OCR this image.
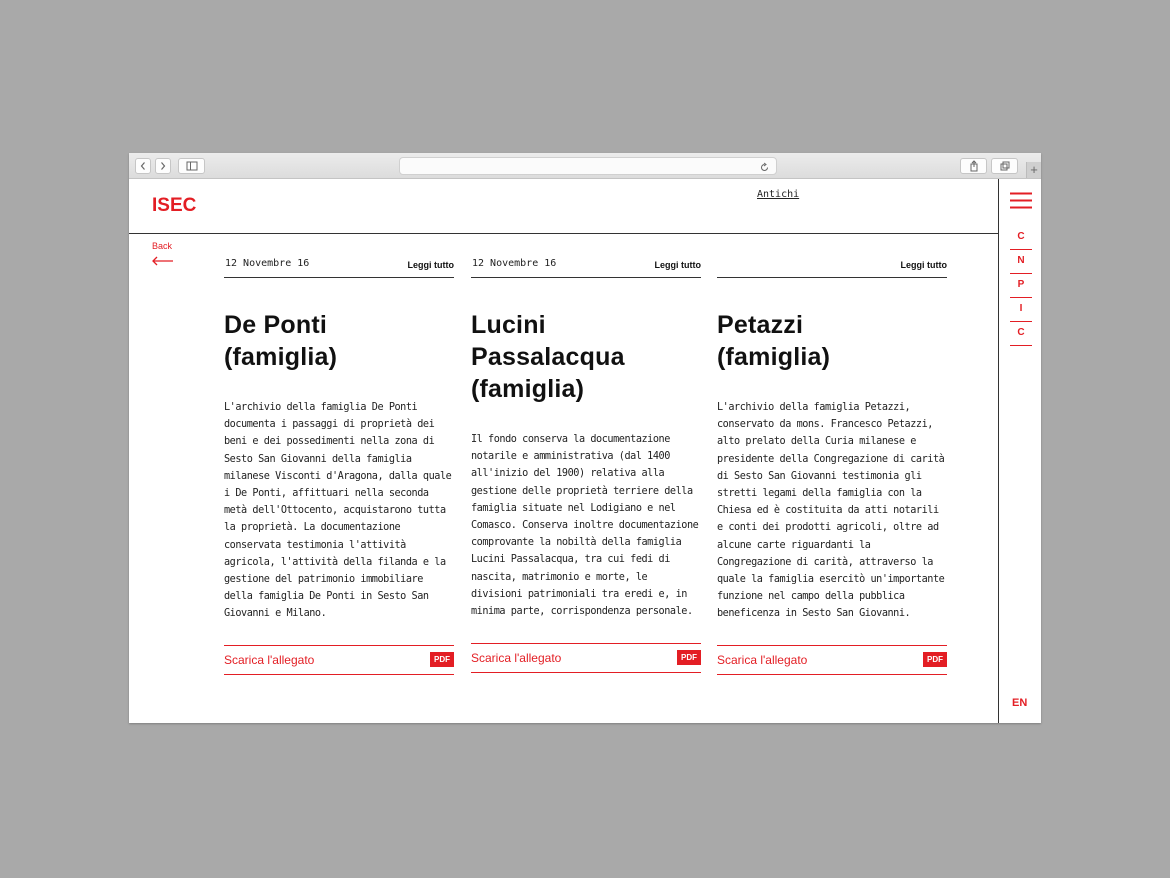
+
ISEC
Antichi
Back
C
N
P
I
C
EN
12 Novembre 16	Leggi tutto
De Ponti
(famiglia)

L'archivio della famiglia De Ponti documenta i passaggi di proprietà dei beni e dei possedimenti nella zona di Sesto San Giovanni della famiglia milanese Visconti d'Aragona, dalla quale i De Ponti, affittuari nella seconda metà dell'Ottocento, acquistarono tutta la proprietà. La documentazione conservata testimonia l'attività agricola, l'attività della filanda e la gestione del patrimonio immobiliare della famiglia De Ponti in Sesto San Giovanni e Milano.

Scarica l'allegato	PDF
12 Novembre 16	Leggi tutto
Lucini
Passalacqua
(famiglia)

Il fondo conserva la documentazione notarile e amministrativa (dal 1400 all'inizio del 1900) relativa alla gestione delle proprietà terriere della famiglia situate nel Lodigiano e nel Comasco. Conserva inoltre documentazione comprovante la nobiltà della famiglia Lucini Passalacqua, tra cui fedi di nascita, matrimonio e morte, le divisioni patrimoniali tra eredi e, in minima parte, corrispondenza personale.

Scarica l'allegato	PDF
Leggi tutto
Petazzi
(famiglia)

L'archivio della famiglia Petazzi, conservato da mons. Francesco Petazzi, alto prelato della Curia milanese e presidente della Congregazione di carità di Sesto San Giovanni testimonia gli stretti legami della famiglia con la Chiesa ed è costituita da atti notarili e conti dei prodotti agricoli, oltre ad alcune carte riguardanti la Congregazione di carità, attraverso la quale la famiglia esercitò un'importante funzione nel campo della pubblica beneficenza in Sesto San Giovanni.

Scarica l'allegato	PDF
